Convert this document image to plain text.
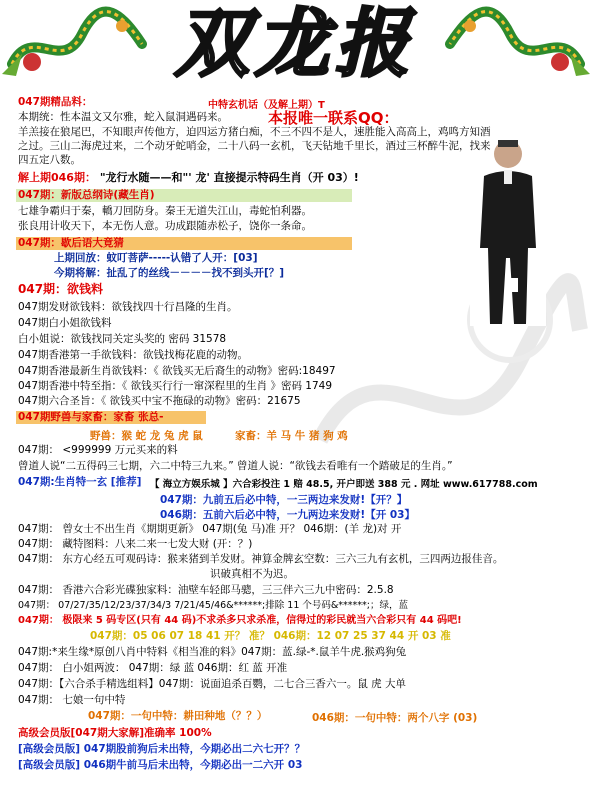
双龙报
047期精品料：	中特玄机话（及解上期）T
本报唯一联系QQ：
本期统：性本温文又尔雅，蛇入鼠洞遇码来。
羊羔接在狼尾巴，不知眼声传他方，迫四运方猪白痴，不三不四不是人，速胜能入高高上，鸡鸣方知酒
之过。三山二海虎过来，二个动牙蛇哨金，二十八码一玄机，飞天钻地千里长，酒过三杯醉牛泥，找来
四五定八数。
解上期046期： "龙行水随——和"' 龙' 直接提示特码生肖（开 03）!
047期：新版总纲诗(藏生肖)
七雄争霸归于秦，轎刀回防身。秦王无道失江山，毒蛇怕利器。
张良用计收天下，本无伤人意。功成跟随赤松子，饶你一条命。
047期：歇后语大竟猜
上期回放：蚊叮菩萨-----认错了人开：[03]
今期将解：扯乱了的丝线－－－－找不到头开[？]
047期：欲钱料
047期发财欲钱料：欲钱找四十行昌隆的生肖。
047期白小姐欲钱料
白小姐说：欲钱找同关定头奖的 密码 31578
047期香港第一手欲钱料：欲钱找梅花鹿的动物。
047期香港最新生肖欲钱料：《 欲钱买无后裔生的动物》密码:18497
047期香港中特至指：《 欲钱买行行一窜深程里的生肖 》密码 1749
047期六合圣旨：《 欲钱买中宝不拖碌的动物》密码：21675
047期野兽与家畜：家畜 张总-
野兽：猴 蛇 龙 兔 虎 鼠	家畜：羊 马 牛 猪 狗 鸡
047期： <999999 万元买来的料
曾道人说“二五得码三七期，六二中特三九来。” 曾道人说：“欲钱去看唯有一个踏破足的生肖。”
047期:生肖特一玄 [推荐] 【 海立方娱乐城 】六合彩投注 1 赔 48.5, 开户即送 388 元 . 网址 www.617788.com
047期：九前五后必中特，一三两边来发财!【开？】
046期：五前六后必中特，一九两边来发财!【开 03】
047期： 曾女士不出生肖《期期更新》 047期(兔 马)准 开？ 046期：(羊 龙)对 开
047期： 藏特图料：八来二来一七发大财 (开：？)
047期： 东方心经五可观码诗：猴来猪到羊发财。神算金牌玄空数：三六三九有玄机，三四两边报佳音。
识破真相不为迟。
047期： 香港六合彩光碟独家料：油壁车轻郎马骢，三三伴六三九中密码：2.5.8
047期： 07/27/35/12/23/37/34/3 7/21/45/46&******;排除 11 个号码&******;；绿，蓝
047期： 极限来 5 码专区(只有 44 码)不求杀多只求杀准，信得过的彩民就当六合彩只有 44 码吧!
047期：05 06 07 18 41 开？ 准？ 046期：12 07 25 37 44 开 03 准
047期:*来生缘*原创八肖中特料《相当准的料》047期：蓝.绿-*.鼠羊牛虎.猴鸡狗兔
047期： 白小姐两波： 047期：绿 蓝 046期：红 蓝 开准
047期：【六合杀手精选组料】047期：说面追杀百鹦，二七合三香六一。鼠 虎 大单
047期： 七娘一句中特
047期：一句中特：耕田种地（？？）	046期：一句中特：两个八字 (03)
高级会员版[047期大家解]准确率 100%
[高级会员版] 047期股前狗后未出特，今期必出二六七开？？
[高级会员版] 046期牛前马后未出特，今期必出一二六开 03
